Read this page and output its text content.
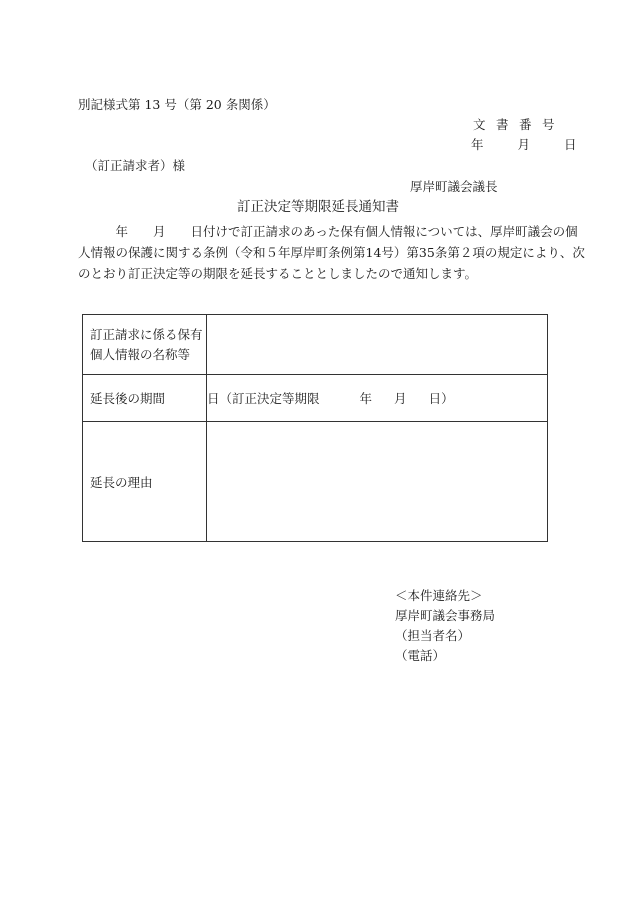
別記様式第 13 号（第 20 条関係）
文書番号
年	月	日
（訂正請求者）様
厚岸町議会議長
訂正決定等期限延長通知書
　　　年　　月　　日付けで訂正請求のあった保有個人情報については、厚岸町議会の個
人情報の保護に関する条例（令和５年厚岸町条例第14号）第35条第２項の規定により、次
のとおり訂正決定等の期限を延長することとしましたので通知します。
訂正請求に係る保有
個人情報の名称等	

延長後の期間	日（訂正決定等期限 年 月 日）
延長の理由	
＜本件連絡先＞
厚岸町議会事務局
（担当者名）
（電話）
